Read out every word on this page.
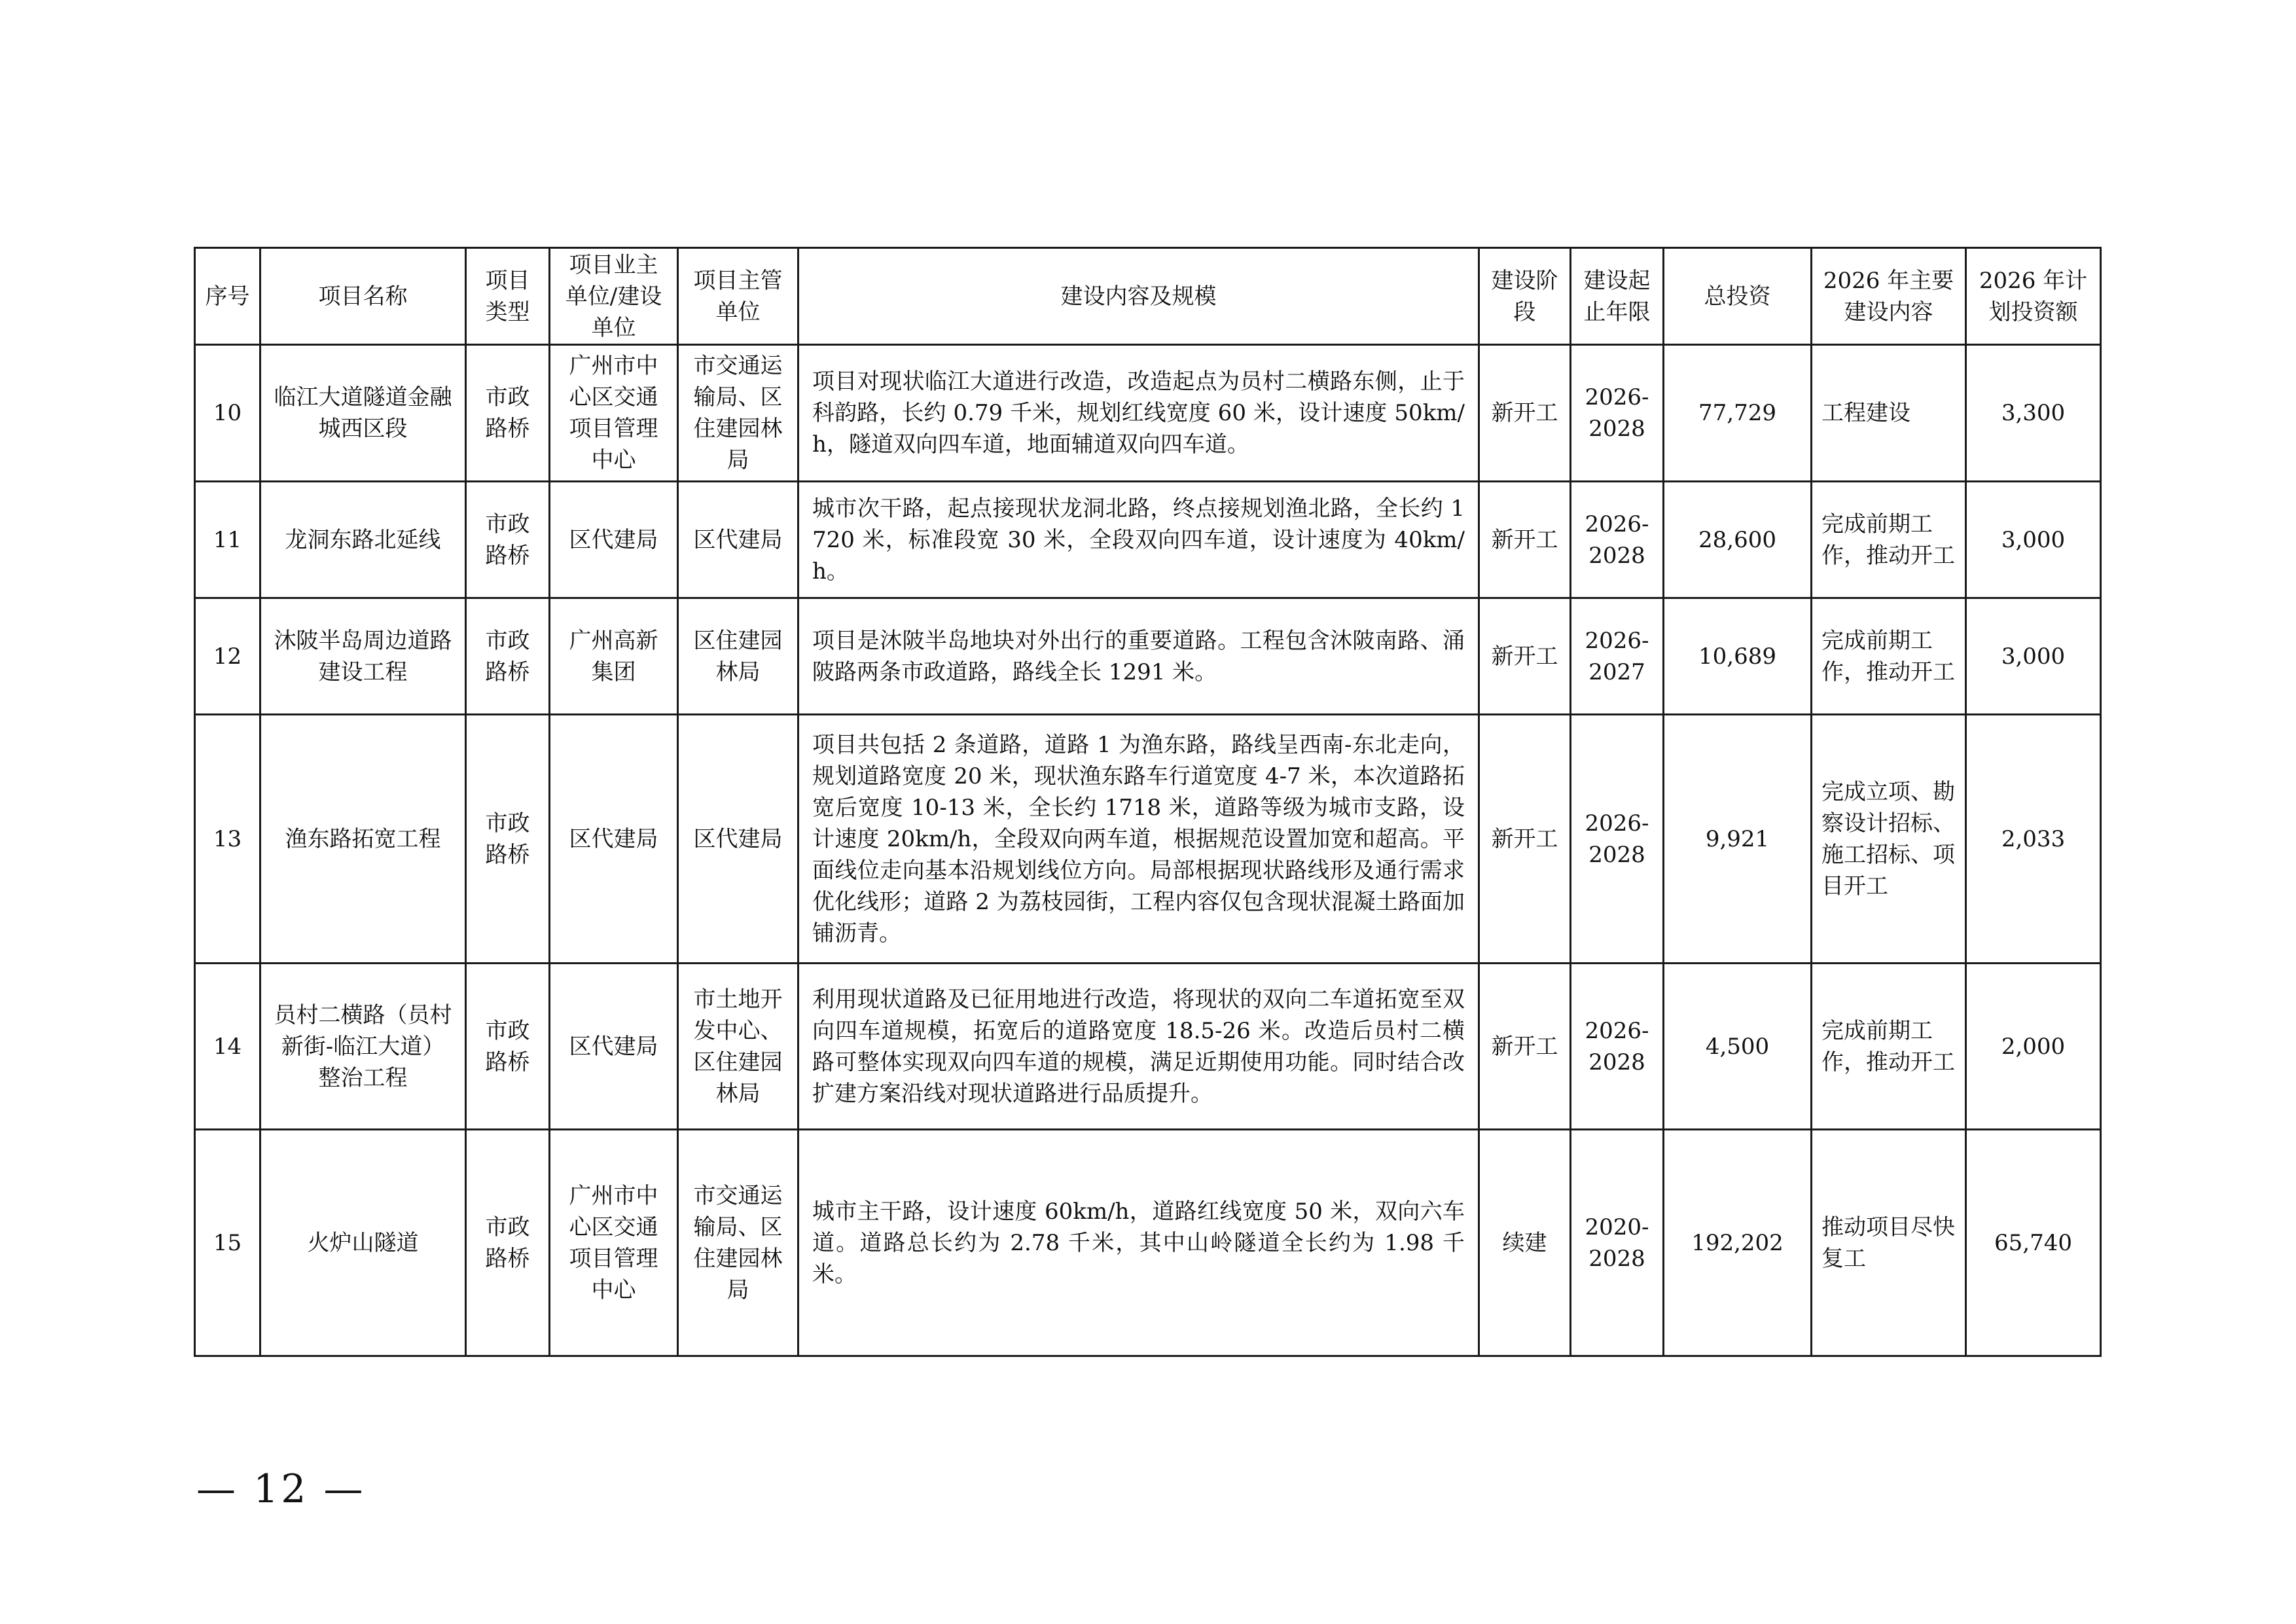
序号	项目名称	项目类型	项目业主单位/建设单位	项目主管单位	建设内容及规模	建设阶段	建设起止年限	总投资	2026 年主要建设内容	2026 年计划投资额
10	临江大道隧道金融城西区段	市政路桥	广州市中心区交通项目管理中心	市交通运输局、区住建园林局	项目对现状临江大道进行改造，改造起点为员村二横路东侧，止于科韵路，长约 0.79 千米，规划红线宽度 60 米，设计速度 50km/h，隧道双向四车道，地面辅道双向四车道。	新开工	2026-2028	77,729	工程建设	3,300
11	龙洞东路北延线	市政路桥	区代建局	区代建局	城市次干路，起点接现状龙洞北路，终点接规划渔北路，全长约 1720 米，标准段宽 30 米，全段双向四车道，设计速度为 40km/h。	新开工	2026-2028	28,600	完成前期工作，推动开工	3,000
12	沐陂半岛周边道路建设工程	市政路桥	广州高新集团	区住建园林局	项目是沐陂半岛地块对外出行的重要道路。工程包含沐陂南路、涌陂路两条市政道路，路线全长 1291 米。	新开工	2026-2027	10,689	完成前期工作，推动开工	3,000
13	渔东路拓宽工程	市政路桥	区代建局	区代建局	项目共包括 2 条道路，道路 1 为渔东路，路线呈西南-东北走向，规划道路宽度 20 米，现状渔东路车行道宽度 4-7 米，本次道路拓宽后宽度 10-13 米，全长约 1718 米，道路等级为城市支路，设计速度 20km/h，全段双向两车道，根据规范设置加宽和超高。平面线位走向基本沿规划线位方向。局部根据现状路线形及通行需求优化线形；道路 2 为荔枝园街，工程内容仅包含现状混凝土路面加铺沥青。	新开工	2026-2028	9,921	完成立项、勘察设计招标、施工招标、项目开工	2,033
14	员村二横路（员村新街-临江大道）整治工程	市政路桥	区代建局	市土地开发中心、区住建园林局	利用现状道路及已征用地进行改造，将现状的双向二车道拓宽至双向四车道规模，拓宽后的道路宽度 18.5-26 米。改造后员村二横路可整体实现双向四车道的规模，满足近期使用功能。同时结合改扩建方案沿线对现状道路进行品质提升。	新开工	2026-2028	4,500	完成前期工作，推动开工	2,000
15	火炉山隧道	市政路桥	广州市中心区交通项目管理中心	市交通运输局、区住建园林局	城市主干路，设计速度 60km/h，道路红线宽度 50 米，双向六车道。道路总长约为 2.78 千米，其中山岭隧道全长约为 1.98 千米。	续建	2020-2028	192,202	推动项目尽快复工	65,740
— 12 —
